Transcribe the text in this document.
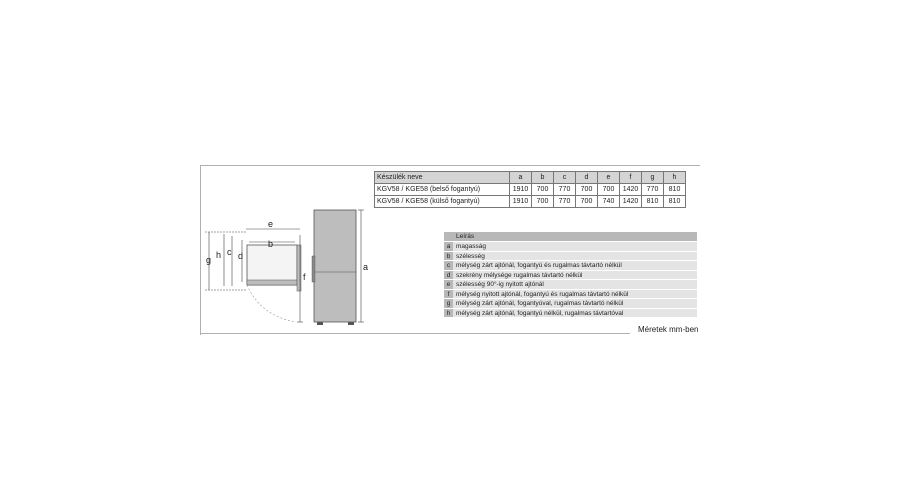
e
b
g h c d
a
f
Készülék neve	a	b	c	d	e	f	g	h
KGV58 / KGE58 (belső fogantyú)	1910	700	770	700	700	1420	770	810
KGV58 / KGE58 (külső fogantyú)	1910	700	770	700	740	1420	810	810
Leírás
a magasság
b szélesség
c mélység zárt ajtónál, fogantyú és rugalmas távtartó nélkül
d szekrény mélysége rugalmas távtartó nélkül
e szélesség 90°-ig nyitott ajtónál
f	mélység nyitott ajtónál, fogantyú és rugalmas távtartó nélkül
g mélység zárt ajtónál, fogantyúval, rugalmas távtartó nélkül
h mélység zárt ajtónál, fogantyú nélkül, rugalmas távtartóval
Méretek mm-ben
